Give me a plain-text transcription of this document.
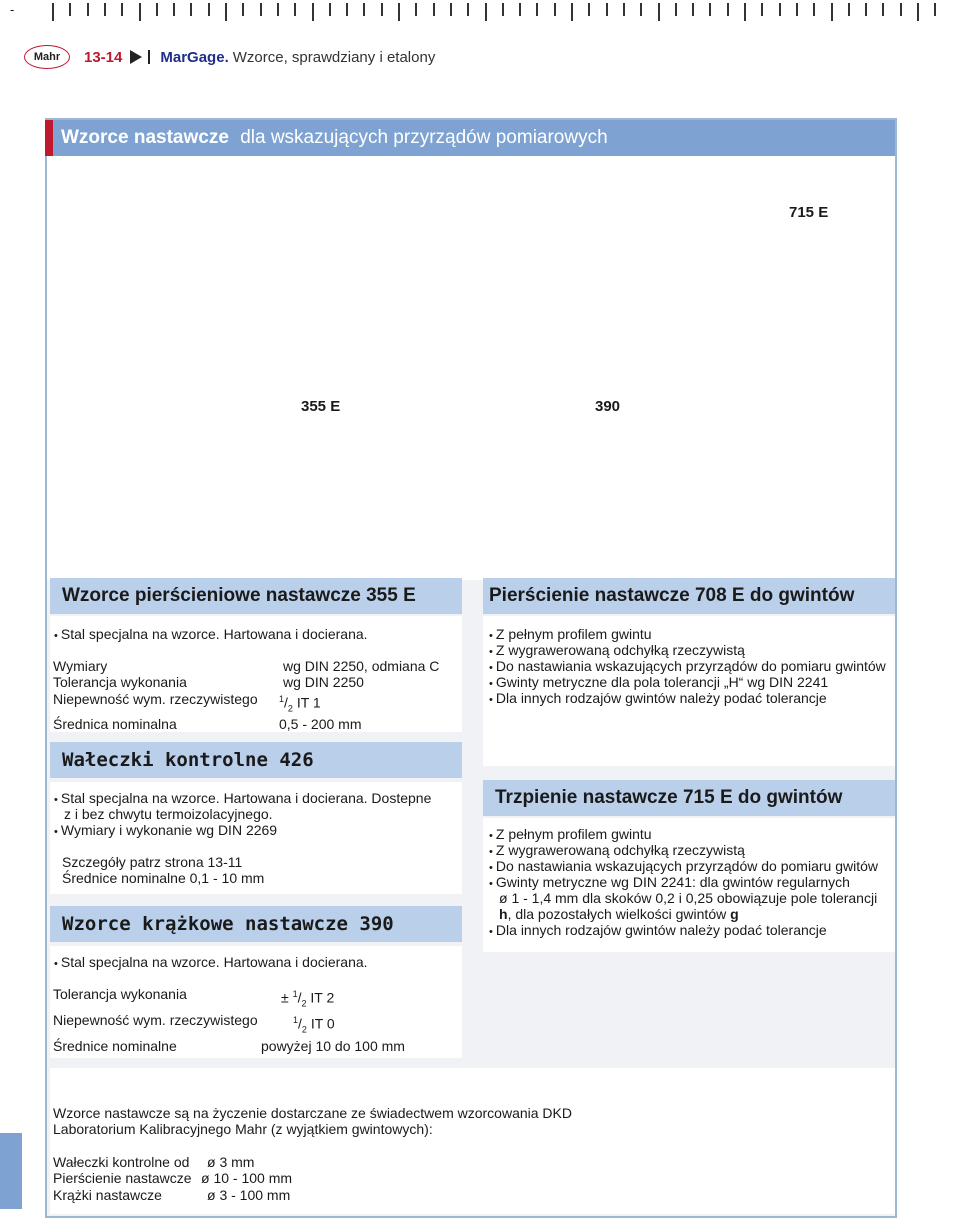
-
Mahr	13-14	MarGage. Wzorce, sprawdziany i etalony
Wzorce nastawcze dla wskazujących przyrządów pomiarowych
715 E
355 E	390
Wzorce pierścieniowe nastawcze 355 E
• Stal specjalna na wzorce. Hartowana i docierana.
Wymiary	wg DIN 2250, odmiana C
Tolerancja wykonania	wg DIN 2250
Niepewność wym. rzeczywistego	$^1/_2$ IT 1
Średnica nominalna	0,5 - 200 mm
Wałeczki kontrolne 426
• Stal specjalna na wzorce. Hartowana i docierana. Dostepne
z i bez chwytu termoizolacyjnego.
• Wymiary i wykonanie wg DIN 2269
Szczegóły patrz strona 13-11
Średnice nominalne 0,1 - 10 mm
Wzorce krążkowe nastawcze 390
• Stal specjalna na wzorce. Hartowana i docierana.
Tolerancja wykonania	± $^1/_2$ IT 2
Niepewność wym. rzeczywistego	$^1/_2$ IT 0
Średnice nominalne	powyżej 10 do 100 mm
Pierścienie nastawcze 708 E do gwintów
• Z pełnym profilem gwintu
• Z wygrawerowaną odchyłką rzeczywistą
• Do nastawiania wskazujących przyrządów do pomiaru gwintów
• Gwinty metryczne dla pola tolerancji „H“ wg DIN 2241
• Dla innych rodzajów gwintów należy podać tolerancje
Trzpienie nastawcze 715 E do gwintów
• Z pełnym profilem gwintu
• Z wygrawerowaną odchyłką rzeczywistą
• Do nastawiania wskazujących przyrządów do pomiaru gwitów
• Gwinty metryczne wg DIN 2241: dla gwintów regularnych
ø 1 - 1,4 mm dla skoków 0,2 i 0,25 obowiązuje pole tolerancji
h, dla pozostałych wielkości gwintów g
• Dla innych rodzajów gwintów należy podać tolerancje
Wzorce nastawcze są na życzenie dostarczane ze świadectwem wzorcowania DKD
Laboratorium Kalibracyjnego Mahr (z wyjątkiem gwintowych):
Wałeczki kontrolne od	ø 3 mm
Pierścienie nastawcze ø 10 - 100 mm
Krążki nastawcze	ø 3 - 100 mm
